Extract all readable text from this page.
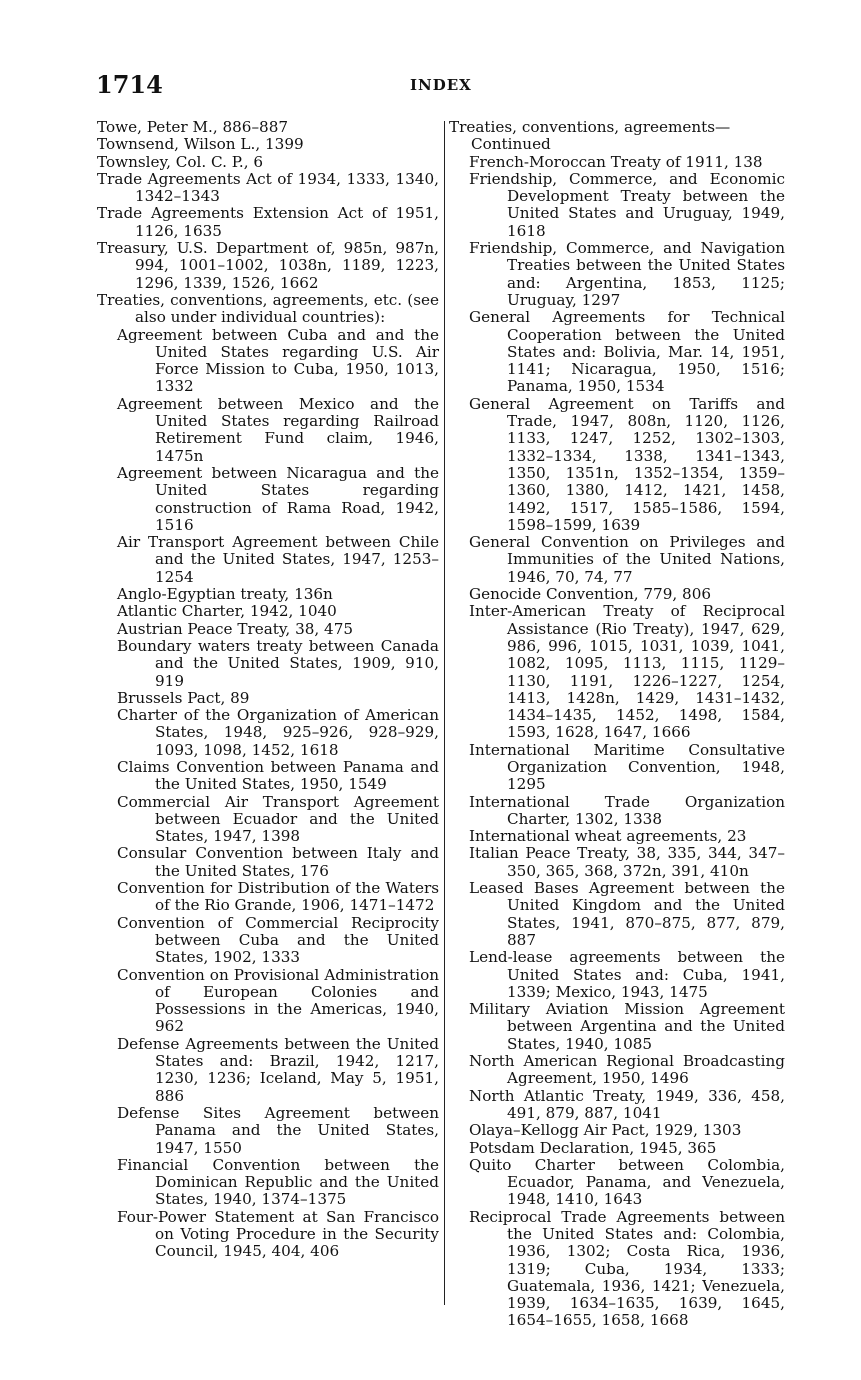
1714	INDEX
Towe, Peter M., 886–887
Townsend, Wilson L., 1399
Townsley, Col. C. P., 6
Trade Agreements Act of 1934, 1333, 1340, 1342–1343
Trade Agreements Extension Act of 1951, 1126, 1635
Treasury, U.S. Department of, 985n, 987n, 994, 1001–1002, 1038n, 1189, 1223, 1296, 1339, 1526, 1662
Treaties, conventions, agreements, etc. (see also under individual countries):
Agreement between Cuba and and the United States regarding U.S. Air Force Mission to Cuba, 1950, 1013, 1332
Agreement between Mexico and the United States regarding Railroad Retirement Fund claim, 1946, 1475n
Agreement between Nicaragua and the United States regarding construction of Rama Road, 1942, 1516
Air Transport Agreement between Chile and the United States, 1947, 1253–1254
Anglo-Egyptian treaty, 136n
Atlantic Charter, 1942, 1040
Austrian Peace Treaty, 38, 475
Boundary waters treaty between Canada and the United States, 1909, 910, 919
Brussels Pact, 89
Charter of the Organization of American States, 1948, 925–926, 928–929, 1093, 1098, 1452, 1618
Claims Convention between Panama and the United States, 1950, 1549
Commercial Air Transport Agreement between Ecuador and the United States, 1947, 1398
Consular Convention between Italy and the United States, 176
Convention for Distribution of the Waters of the Rio Grande, 1906, 1471–1472
Convention of Commercial Reciprocity between Cuba and the United States, 1902, 1333
Convention on Provisional Administration of European Colonies and Possessions in the Americas, 1940, 962
Defense Agreements between the United States and: Brazil, 1942, 1217, 1230, 1236; Iceland, May 5, 1951, 886
Defense Sites Agreement between Panama and the United States, 1947, 1550
Financial Convention between the Dominican Republic and the United States, 1940, 1374–1375
Four-Power Statement at San Francisco on Voting Procedure in the Security Council, 1945, 404, 406
Treaties, conventions, agreements—
Continued
French-Moroccan Treaty of 1911, 138
Friendship, Commerce, and Economic Development Treaty between the United States and Uruguay, 1949, 1618
Friendship, Commerce, and Navigation Treaties between the United States and: Argentina, 1853, 1125; Uruguay, 1297
General Agreements for Technical Cooperation between the United States and: Bolivia, Mar. 14, 1951, 1141; Nicaragua, 1950, 1516; Panama, 1950, 1534
General Agreement on Tariffs and Trade, 1947, 808n, 1120, 1126, 1133, 1247, 1252, 1302–1303, 1332–1334, 1338, 1341–1343, 1350, 1351n, 1352–1354, 1359–1360, 1380, 1412, 1421, 1458, 1492, 1517, 1585–1586, 1594, 1598–1599, 1639
General Convention on Privileges and Immunities of the United Nations, 1946, 70, 74, 77
Genocide Convention, 779, 806
Inter-American Treaty of Reciprocal Assistance (Rio Treaty), 1947, 629, 986, 996, 1015, 1031, 1039, 1041, 1082, 1095, 1113, 1115, 1129–1130, 1191, 1226–1227, 1254, 1413, 1428n, 1429, 1431–1432, 1434–1435, 1452, 1498, 1584, 1593, 1628, 1647, 1666
International Maritime Consultative Organization Convention, 1948, 1295
International Trade Organization Charter, 1302, 1338
International wheat agreements, 23
Italian Peace Treaty, 38, 335, 344, 347–350, 365, 368, 372n, 391, 410n
Leased Bases Agreement between the United Kingdom and the United States, 1941, 870–875, 877, 879, 887
Lend-lease agreements between the United States and: Cuba, 1941, 1339; Mexico, 1943, 1475
Military Aviation Mission Agreement between Argentina and the United States, 1940, 1085
North American Regional Broadcasting Agreement, 1950, 1496
North Atlantic Treaty, 1949, 336, 458, 491, 879, 887, 1041
Olaya–Kellogg Air Pact, 1929, 1303
Potsdam Declaration, 1945, 365
Quito Charter between Colombia, Ecuador, Panama, and Venezuela, 1948, 1410, 1643
Reciprocal Trade Agreements between the United States and: Colombia, 1936, 1302; Costa Rica, 1936, 1319; Cuba, 1934, 1333; Guatemala, 1936, 1421; Venezuela, 1939, 1634–1635, 1639, 1645, 1654–1655, 1658, 1668
